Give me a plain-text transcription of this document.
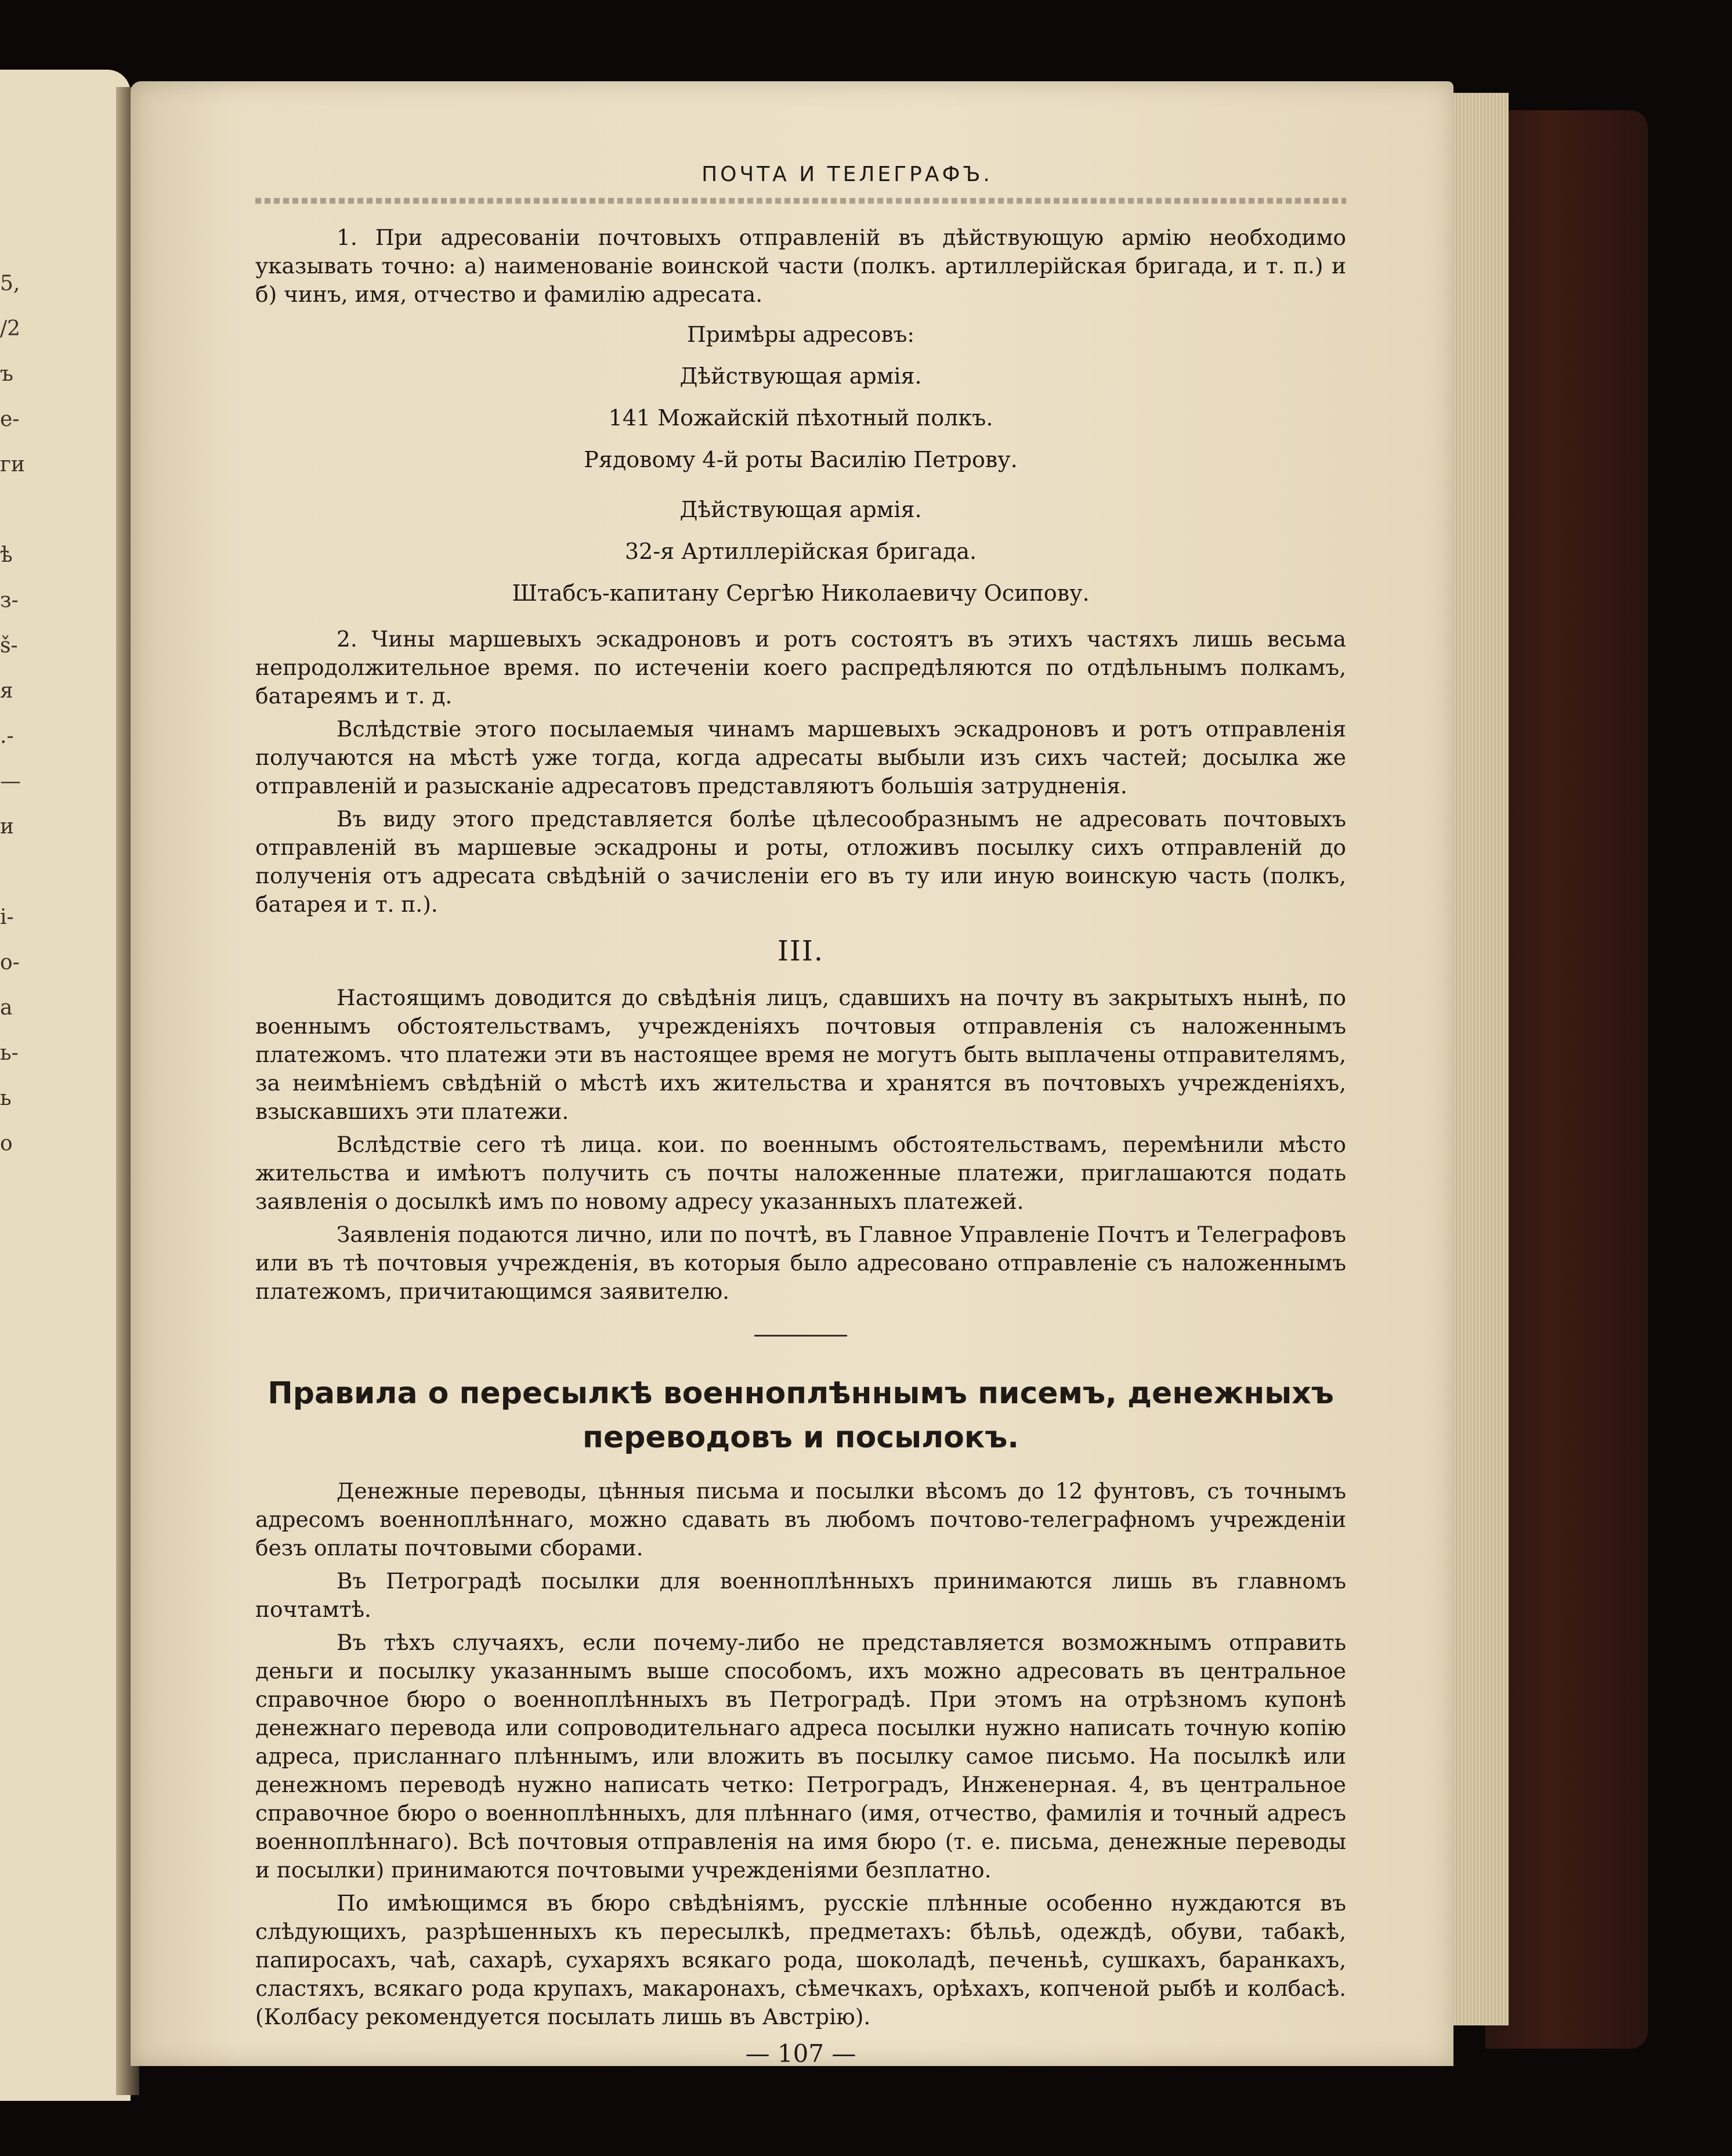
5,
/2
ъ
е-
ги

ѣ
з-
š-
я
.-
—
и

і-
о-
а
ь-
ь
о
ПОЧТА И ТЕЛЕГРАФЪ.

1. При адресованіи почтовыхъ отправленій въ дѣйствующую армію необходимо указывать точно: а) наименованіе воинской части (полкъ. артиллерійская бригада, и т. п.) и б) чинъ, имя, отчество и фамилію адресата.

Примѣры адресовъ:

Дѣйствующая армія.
141 Можайскій пѣхотный полкъ.
Рядовому 4-й роты Василію Петрову.
Дѣйствующая армія.
32-я Артиллерійская бригада.
Штабсъ-капитану Сергѣю Николаевичу Осипову.

2. Чины маршевыхъ эскадроновъ и ротъ состоятъ въ этихъ частяхъ лишь весьма непродолжительное время. по истеченіи коего распредѣляются по отдѣльнымъ полкамъ, батареямъ и т. д.

Вслѣдствіе этого посылаемыя чинамъ маршевыхъ эскадроновъ и ротъ отправленія получаются на мѣстѣ уже тогда, когда адресаты выбыли изъ сихъ частей; досылка же отправленій и разысканіе адресатовъ представляютъ большія затрудненія.

Въ виду этого представляется болѣе цѣлесообразнымъ не адресовать почтовыхъ отправленій въ маршевые эскадроны и роты, отложивъ посылку сихъ отправленій до полученія отъ адресата свѣдѣній о зачисленіи его въ ту или иную воинскую часть (полкъ, батарея и т. п.).

III.

Настоящимъ доводится до свѣдѣнія лицъ, сдавшихъ на почту въ закрытыхъ нынѣ, по военнымъ обстоятельствамъ, учрежденіяхъ почтовыя отправленія съ наложеннымъ платежомъ. что платежи эти въ настоящее время не могутъ быть выплачены отправителямъ, за неимѣніемъ свѣдѣній о мѣстѣ ихъ жительства и хранятся въ почтовыхъ учрежденіяхъ, взыскавшихъ эти платежи.

Вслѣдствіе сего тѣ лица. кои. по военнымъ обстоятельствамъ, перемѣнили мѣсто жительства и имѣютъ получить съ почты наложенные платежи, приглашаются подать заявленія о досылкѣ имъ по новому адресу указанныхъ платежей.

Заявленія подаются лично, или по почтѣ, въ Главное Управленіе Почтъ и Телеграфовъ или въ тѣ почтовыя учрежденія, въ которыя было адресовано отправленіе съ наложеннымъ платежомъ, причитающимся заявителю.

Правила о пересылкѣ военноплѣннымъ писемъ, денежныхъ
переводовъ и посылокъ.

Денежные переводы, цѣнныя письма и посылки вѣсомъ до 12 фунтовъ, съ точнымъ адресомъ военноплѣннаго, можно сдавать въ любомъ почтово-телеграфномъ учрежденіи безъ оплаты почтовыми сборами.

Въ Петроградѣ посылки для военноплѣнныхъ принимаются лишь въ главномъ почтамтѣ.

Въ тѣхъ случаяхъ, если почему-либо не представляется возможнымъ отправить деньги и посылку указаннымъ выше способомъ, ихъ можно адресовать въ центральное справочное бюро о военноплѣнныхъ въ Петроградѣ. При этомъ на отрѣзномъ купонѣ денежнаго перевода или сопроводительнаго адреса посылки нужно написать точную копію адреса, присланнаго плѣннымъ, или вложить въ посылку самое письмо. На посылкѣ или денежномъ переводѣ нужно написать четко: Петроградъ, Инженерная. 4, въ центральное справочное бюро о военноплѣнныхъ, для плѣннаго (имя, отчество, фамилія и точный адресъ военноплѣннаго). Всѣ почтовыя отправленія на имя бюро (т. е. письма, денежные переводы и посылки) принимаются почтовыми учрежденіями безплатно.

По имѣющимся въ бюро свѣдѣніямъ, русскіе плѣнные особенно нуждаются въ слѣдующихъ, разрѣшенныхъ къ пересылкѣ, предметахъ: бѣльѣ, одеждѣ, обуви, табакѣ, папиросахъ, чаѣ, сахарѣ, сухаряхъ всякаго рода, шоколадѣ, печеньѣ, сушкахъ, баранкахъ, сластяхъ, всякаго рода крупахъ, макаронахъ, сѣмечкахъ, орѣхахъ, копченой рыбѣ и колбасѣ. (Колбасу рекомендуется посылать лишь въ Австрію).

— 107 —
